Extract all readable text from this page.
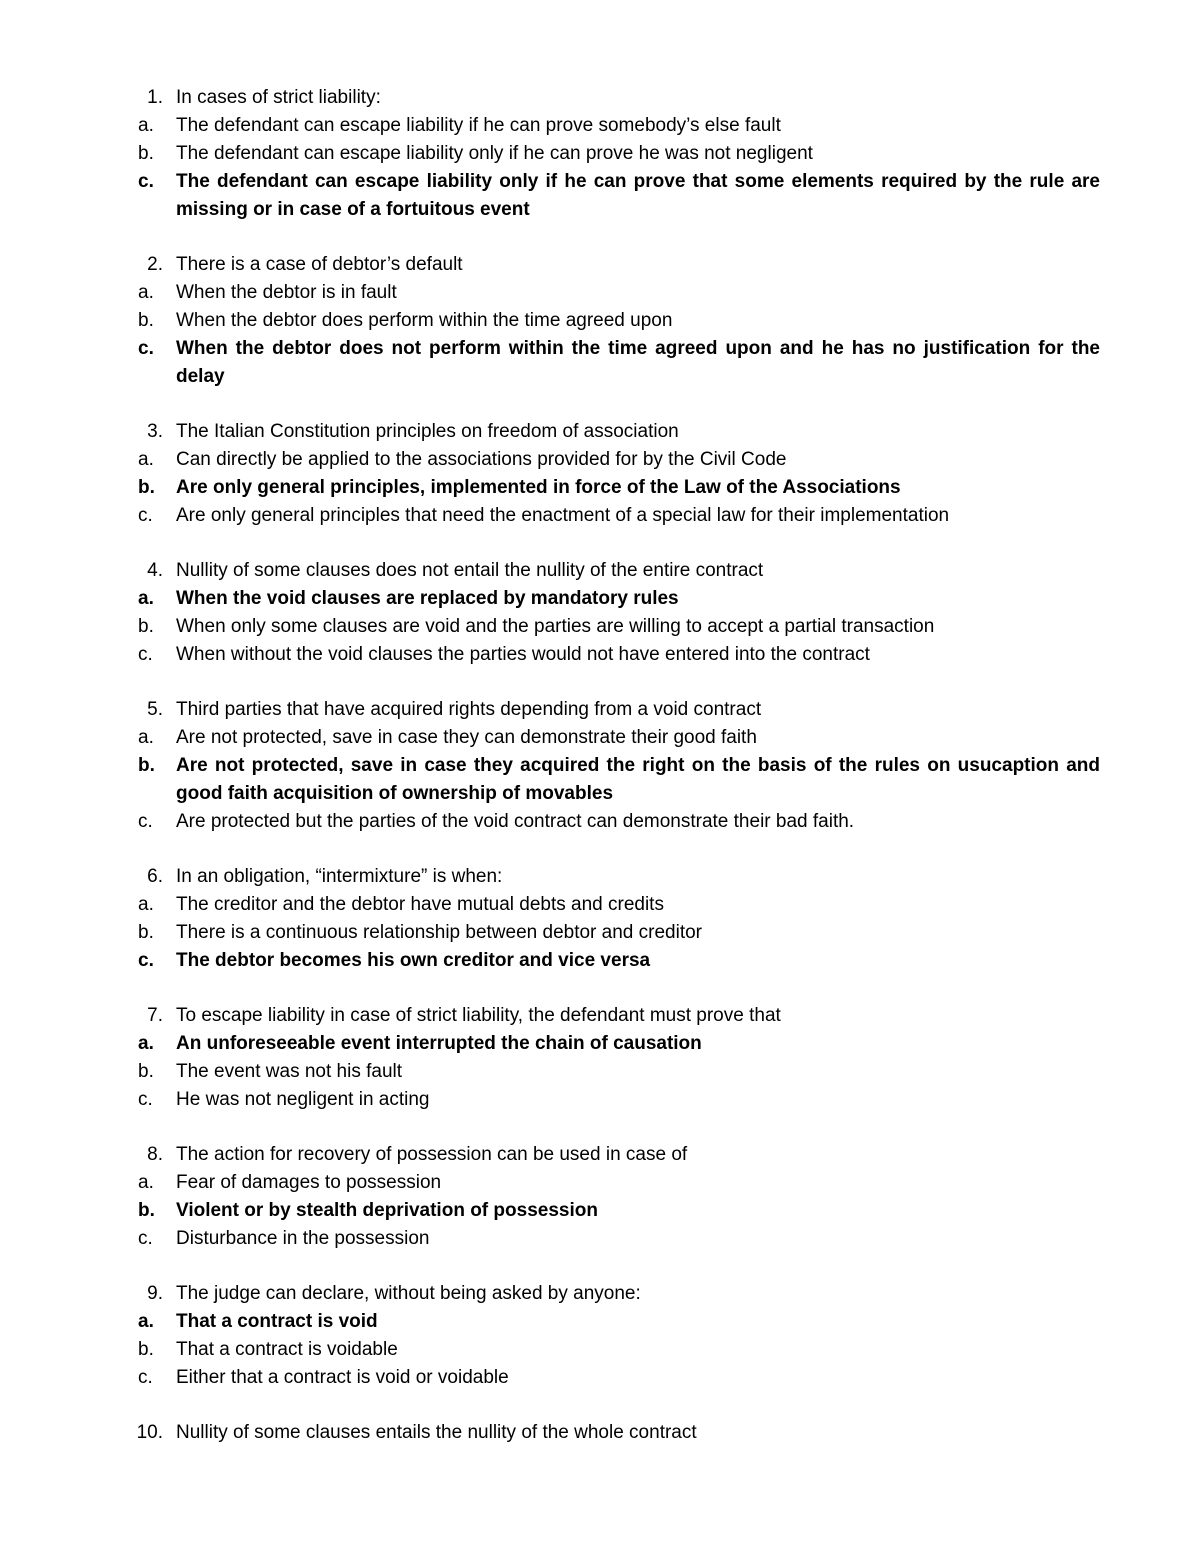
1. In cases of strict liability:
a.	The defendant can escape liability if he can prove somebody’s else fault
b.	The defendant can escape liability only if he can prove he was not negligent
c.	The defendant can escape liability only if he can prove that some elements required by the rule are missing or in case of a fortuitous event
2. There is a case of debtor’s default
a.	When the debtor is in fault
b.	When the debtor does perform within the time agreed upon
c.	When the debtor does not perform within the time agreed upon and he has no justification for the delay
3. The Italian Constitution principles on freedom of association
a.	Can directly be applied to the associations provided for by the Civil Code
b.	Are only general principles, implemented in force of the Law of the Associations
c.	Are only general principles that need the enactment of a special law for their implementation
4. Nullity of some clauses does not entail the nullity of the entire contract
a.	When the void clauses are replaced by mandatory rules
b.	When only some clauses are void and the parties are willing to accept a partial transaction
c.	When without the void clauses the parties would not have entered into the contract
5. Third parties that have acquired rights depending from a void contract
a.	Are not protected, save in case they can demonstrate their good faith
b.	Are not protected, save in case they acquired the right on the basis of the rules on usucaption and good faith acquisition of ownership of movables
c.	Are protected but the parties of the void contract can demonstrate their bad faith.
6. In an obligation, “intermixture” is when:
a.	The creditor and the debtor have mutual debts and credits
b.	There is a continuous relationship between debtor and creditor
c.	The debtor becomes his own creditor and vice versa
7. To escape liability in case of strict liability, the defendant must prove that
a.	An unforeseeable event interrupted the chain of causation
b.	The event was not his fault
c.	He was not negligent in acting
8. The action for recovery of possession can be used in case of
a.	Fear of damages to possession
b.	Violent or by stealth deprivation of possession
c.	Disturbance in the possession
9. The judge can declare, without being asked by anyone:
a.	That a contract is void
b.	That a contract is voidable
c.	Either that a contract is void or voidable
10. Nullity of some clauses entails the nullity of the whole contract
